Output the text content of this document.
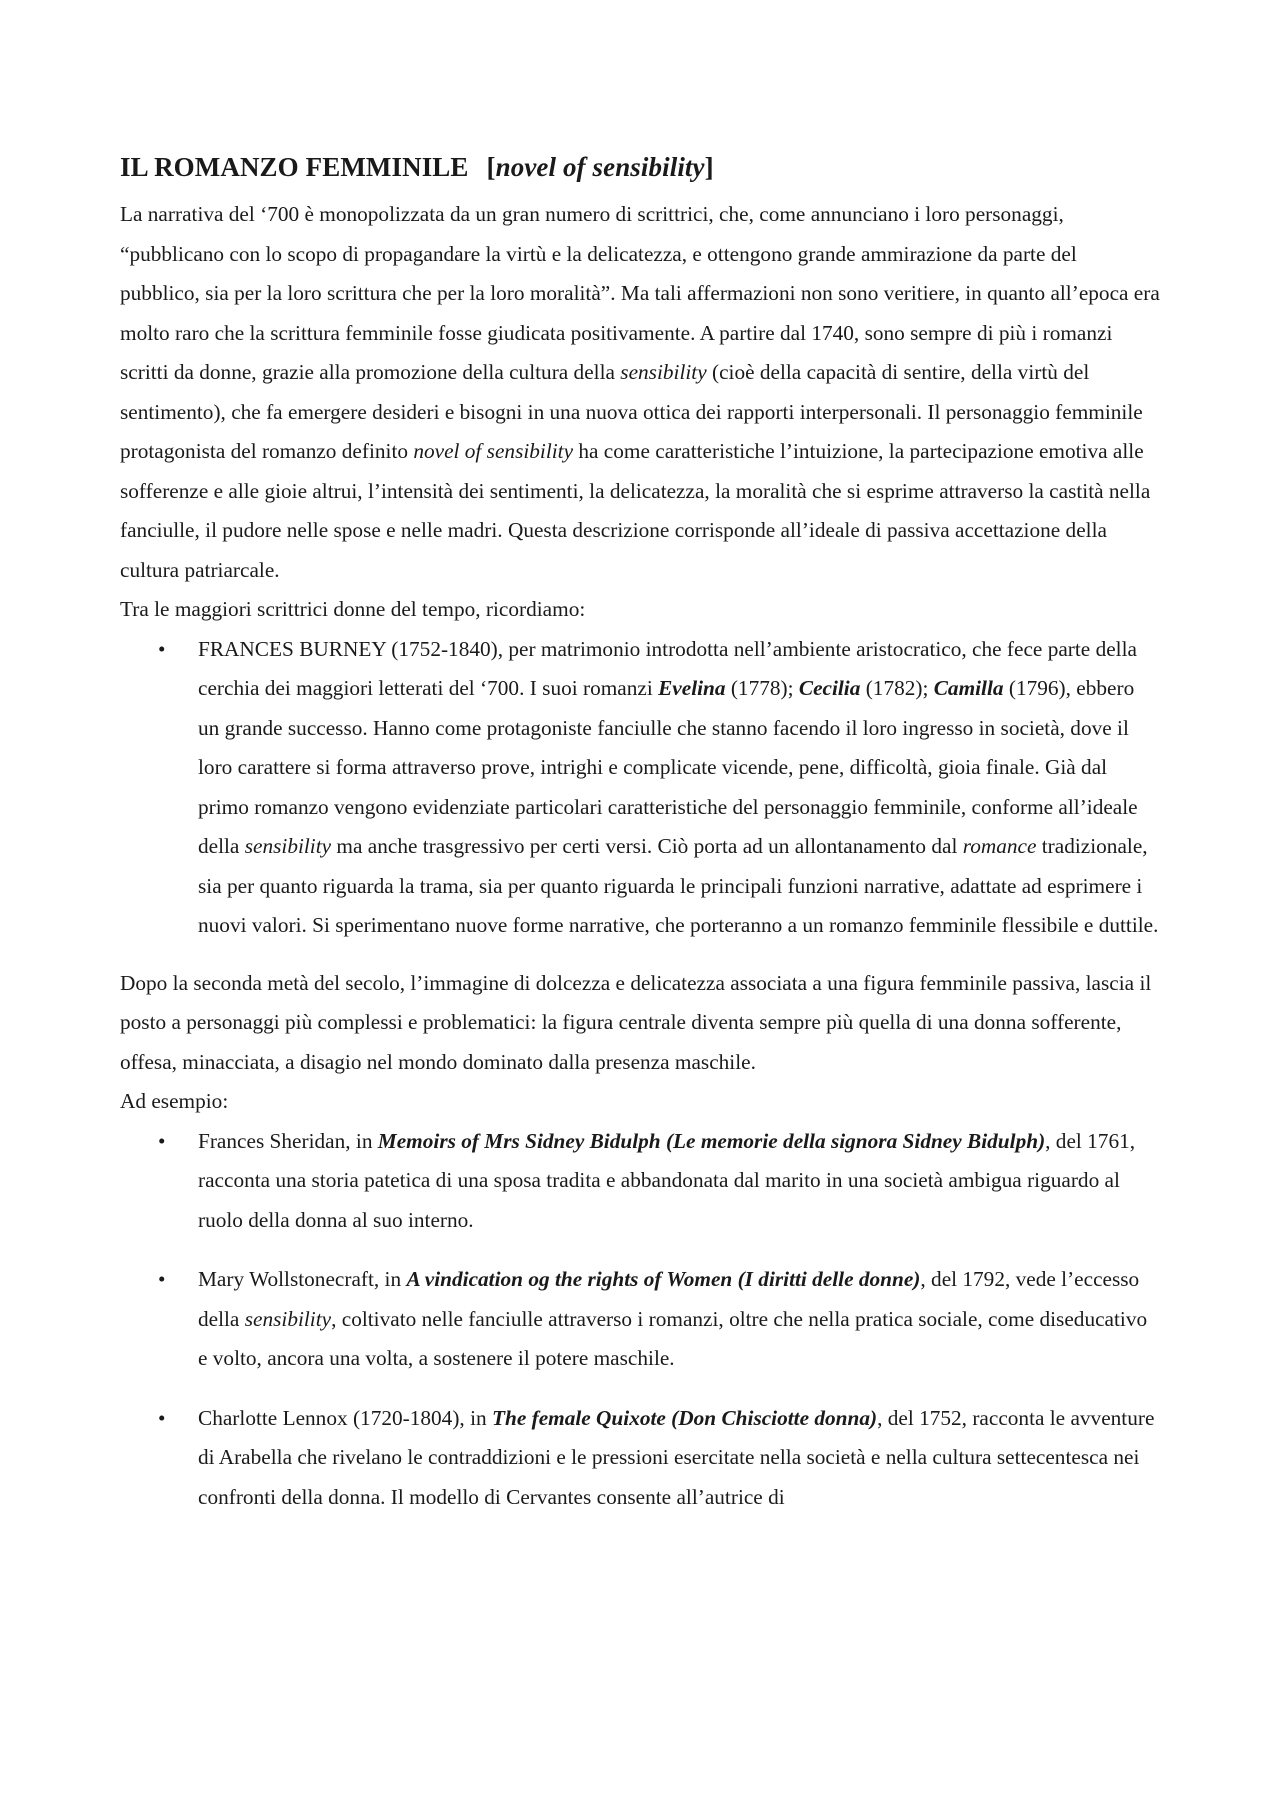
IL ROMANZO FEMMINILE [novel of sensibility]

La narrativa del ‘700 è monopolizzata da un gran numero di scrittrici, che, come annunciano i loro personaggi, “pubblicano con lo scopo di propagandare la virtù e la delicatezza, e ottengono grande ammirazione da parte del pubblico, sia per la loro scrittura che per la loro moralità”. Ma tali affermazioni non sono veritiere, in quanto all’epoca era molto raro che la scrittura femminile fosse giudicata positivamente. A partire dal 1740, sono sempre di più i romanzi scritti da donne, grazie alla promozione della cultura della sensibility (cioè della capacità di sentire, della virtù del sentimento), che fa emergere desideri e bisogni in una nuova ottica dei rapporti interpersonali. Il personaggio femminile protagonista del romanzo definito novel of sensibility ha come caratteristiche l’intuizione, la partecipazione emotiva alle sofferenze e alle gioie altrui, l’intensità dei sentimenti, la delicatezza, la moralità che si esprime attraverso la castità nella fanciulle, il pudore nelle spose e nelle madri. Questa descrizione corrisponde all’ideale di passiva accettazione della cultura patriarcale.

Tra le maggiori scrittrici donne del tempo, ricordiamo:

• FRANCES BURNEY (1752-1840), per matrimonio introdotta nell’ambiente aristocratico, che fece parte della cerchia dei maggiori letterati del ‘700. I suoi romanzi Evelina (1778); Cecilia (1782); Camilla (1796), ebbero un grande successo. Hanno come protagoniste fanciulle che stanno facendo il loro ingresso in società, dove il loro carattere si forma attraverso prove, intrighi e complicate vicende, pene, difficoltà, gioia finale. Già dal primo romanzo vengono evidenziate particolari caratteristiche del personaggio femminile, conforme all’ideale della sensibility ma anche trasgressivo per certi versi. Ciò porta ad un allontanamento dal romance tradizionale, sia per quanto riguarda la trama, sia per quanto riguarda le principali funzioni narrative, adattate ad esprimere i nuovi valori. Si sperimentano nuove forme narrative, che porteranno a un romanzo femminile flessibile e duttile.

Dopo la seconda metà del secolo, l’immagine di dolcezza e delicatezza associata a una figura femminile passiva, lascia il posto a personaggi più complessi e problematici: la figura centrale diventa sempre più quella di una donna sofferente, offesa, minacciata, a disagio nel mondo dominato dalla presenza maschile.

Ad esempio:

• Frances Sheridan, in Memoirs of Mrs Sidney Bidulph (Le memorie della signora Sidney Bidulph), del 1761, racconta una storia patetica di una sposa tradita e abbandonata dal marito in una società ambigua riguardo al ruolo della donna al suo interno.
• Mary Wollstonecraft, in A vindication og the rights of Women (I diritti delle donne), del 1792, vede l’eccesso della sensibility, coltivato nelle fanciulle attraverso i romanzi, oltre che nella pratica sociale, come diseducativo e volto, ancora una volta, a sostenere il potere maschile.
• Charlotte Lennox (1720-1804), in The female Quixote (Don Chisciotte donna), del 1752, racconta le avventure di Arabella che rivelano le contraddizioni e le pressioni esercitate nella società e nella cultura settecentesca nei confronti della donna. Il modello di Cervantes consente all’autrice di
